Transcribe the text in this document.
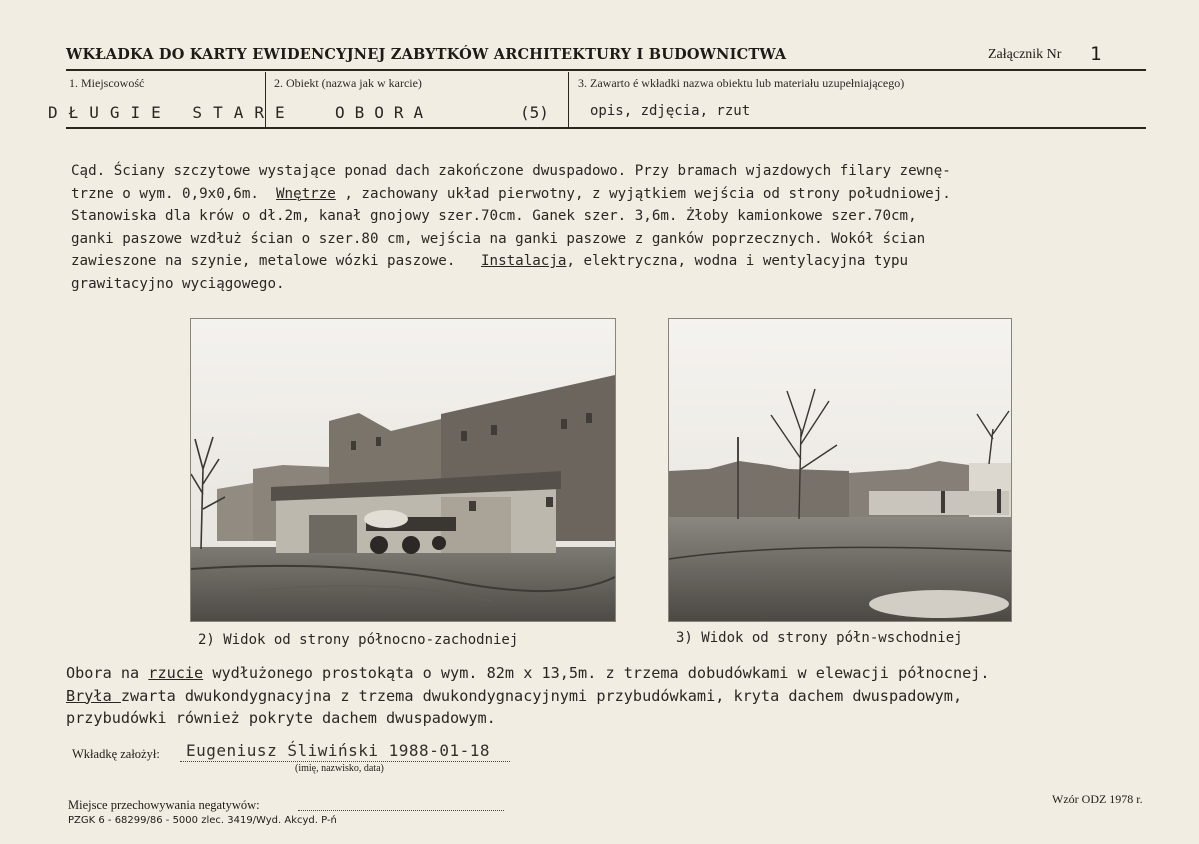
WKŁADKA DO KARTY EWIDENCYJNEJ ZABYTKÓW ARCHITEKTURY I BUDOWNICTWA	Załącznik Nr 1
1. Miejscowość	2. Obiekt (nazwa jak w karcie)	3. Zawarto é wkładki nazwa obiektu lub materiału uzupełniającego)
DŁUGIE STARE OBORA	(5)	opis, zdjęcia, rzut
Cąd. Ściany szczytowe wystające ponad dach zakończone dwuspadowo. Przy bramach wjazdowych filary zewnę-
trzne o wym. 0,9x0,6m.  Wnętrze , zachowany układ pierwotny, z wyjątkiem wejścia od strony południowej.
Stanowiska dla krów o dł.2m, kanał gnojowy szer.70cm. Ganek szer. 3,6m. Żłoby kamionkowe szer.70cm,
ganki paszowe wzdłuż ścian o szer.80 cm, wejścia na ganki paszowe z ganków poprzecznych. Wokół ścian
zawieszone na szynie, metalowe wózki paszowe.   Instalacja, elektryczna, wodna i wentylacyjna typu
grawitacyjno wyciągowego.
2) Widok od strony północno-zachodniej	3) Widok od strony półn-wschodniej
Obora na rzucie wydłużonego prostokąta o wym. 82m x 13,5m. z trzema dobudówkami w elewacji północnej.
Bryła zwarta dwukondygnacyjna z trzema dwukondygnacyjnymi przybudówkami, kryta dachem dwuspadowym,
przybudówki również pokryte dachem dwuspadowym.
Wkładkę założył: Eugeniusz Śliwiński 1988-01-18
(imię, nazwisko, data)
Miejsce przechowywania negatywów:
PZGK 6 - 68299/86 - 5000 zlec. 3419/Wyd. Akcyd. P-ń
Wzór ODZ 1978 r.
